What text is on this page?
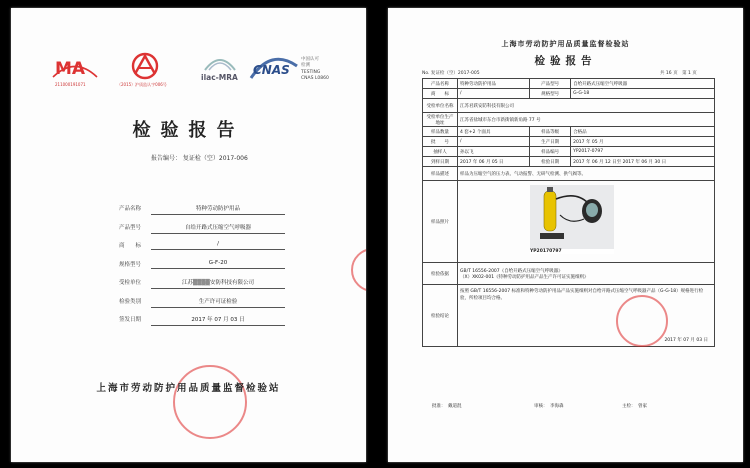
MA
211000191071	（2015）沪质监认字006号
ilac-MRA
CNAS
中国认可
检测
TESTING
CNAS L0860
检验报告
报告编号： 复证检（空）2017-006
产品名称	特种劳动防护用品
产品型号	自给开路式压缩空气呼吸器
商　　标	/
规格型号	G-F-20
受检单位	江苏▒▒▒▒安防科技有限公司
检验类别	生产许可证检验
签发日期	2017 年 07 月 03 日
上海市劳动防护用品质量监督检验站
上海市劳动防护用品质量监督检验站
检验报告
No. 复证检（空）2017-005	共 16 页　第 1 页
产品名称	特种劳动防护用品	产品型号	自给开路式压缩空气呼吸器
商　　标	/	规格型号	G-G-18
受检单位名称	江苏君跃安防科技有限公司		
受检单位生产地址	江苏省盐城市东台市新街镇新角路 77 号		
样品数量	4 套+2 个面具	样品等级	合格品
批　　号	/	生产日期	2017 年 05 月
抽样人	孙以飞	样品编号	YP2017-0797
到样日期	2017 年 06 月 05 日	检验日期	2017 年 06 月 12 日至 2017 年 06 月 30 日
样品描述	样品为压缩空气的压力表、气动报警、无研气检测、供气阀等。		
样品照片	YP20170797		

检验依据	GB/T 16556-2007《自给开路式压缩空气呼吸器》
（X）XK02-001《特种劳动防护用品产品生产许可证实施细则》		

检验结论	按照 GB/T 16556-2007 标准和特种劳动防护用品产品实施细则对自给开路式压缩空气呼吸器产品（G-G-18）规格进行检验，所检项目均合格。
2017 年 07 月 03 日		
批准： 戴道混	审核： 李海森	主检： 曾家
